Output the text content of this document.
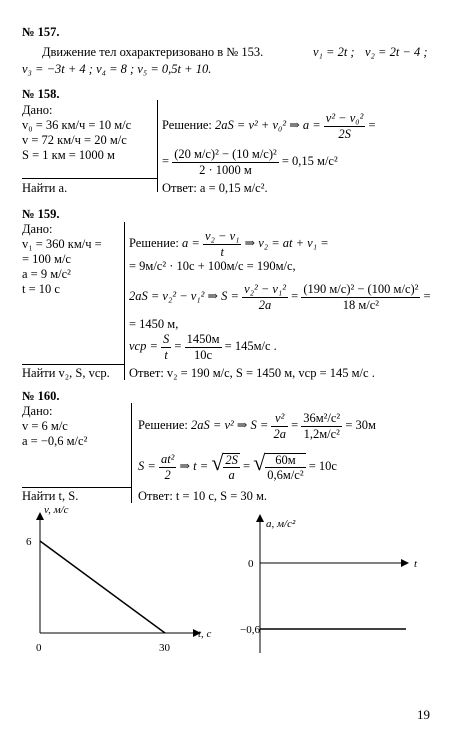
№ 157.
Движение тел охарактеризовано в № 153.	v₁ = 2t ; v₂ = 2t − 4 ;
v₃ = −3t + 4 ; v₄ = 8 ; v₅ = 0,5t + 10.
№ 158.
Дано:
v₀ = 36 км/ч = 10 м/с
v = 72 км/ч = 20 м/с
S = 1 км = 1000 м
Найти a.
Решение: 2aS = v² + v₀² ⇒ $a = \frac{\text{v² − v₀²}}{2S}$ =
= $\frac{\text{(20 м/с)² − (10 м/с)²}}{2 \cdot 1000 м} = 0,15$ м/с²
Ответ: a = 0,15 м/с².
№ 159.
Дано:
v₁ = 360 км/ч =
= 100 м/с
a = 9 м/с²
t = 10 с
Найти v₂, S, vср.
Решение: $a = \frac{\text{v₂ − v₁}}{t}$ ⇒ v₂ = at + v₁ =
= 9м/с² · 10с + 100м/с = 190м/с,
2aS = v₂² − v₁² ⇒ $S = \frac{\text{v₂² − v₁²}}{2a} = \frac{\text{(190 м/с)² − (100 м/с)²}}{\text{18 м/с²}}$ =
= 1450 м,
vср = $\frac{S}{t} = \frac{1450м}{10с} = 145м/с$ .
Ответ: v₂ = 190 м/с, S = 1450 м, vср = 145 м/с .
№ 160.
Дано:
v = 6 м/с
a = −0,6 м/с²
Найти t, S.
Решение: 2aS = v² ⇒ $S = \frac{\text{v²}}{2a} = \frac{\text{36м²/с²}}{\text{1,2м/с²}} = 30м$
$S = \frac{\text{at²}}{2}$ ⇒ t = √ $\frac{2S}{a}$ = √ $\frac{60м}{\text{0,6м/с²}} = 10с$
Ответ: t = 10 с, S = 30 м.
v, м/с
t, с
6
0	30
a, м/с²
t
0
−0,6
19
